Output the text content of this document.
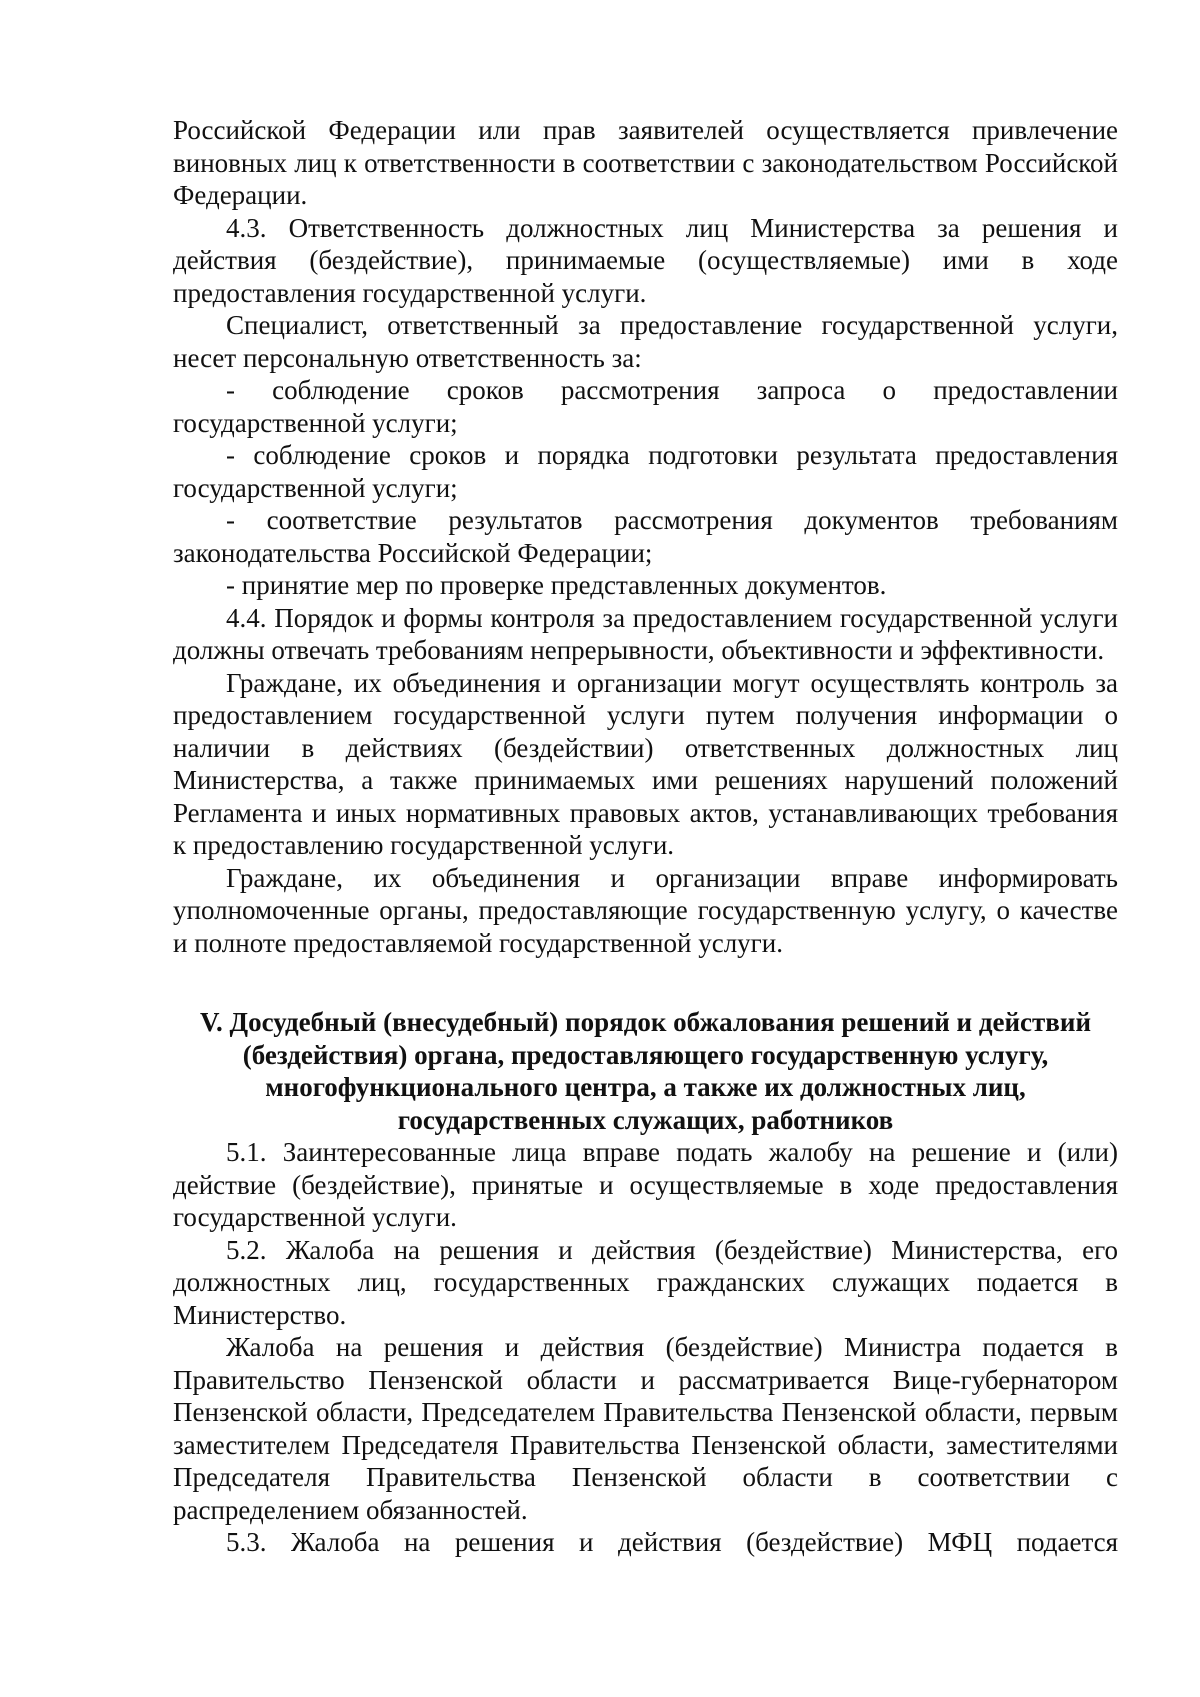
Российской Федерации или прав заявителей осуществляется привлечение виновных лиц к ответственности в соответствии с законодательством Российской Федерации.

4.3. Ответственность должностных лиц Министерства за решения и действия (бездействие), принимаемые (осуществляемые) ими в ходе предоставления государственной услуги.

Специалист, ответственный за предоставление государственной услуги, несет персональную ответственность за:

- соблюдение сроков рассмотрения запроса о предоставлении государственной услуги;

- соблюдение сроков и порядка подготовки результата предоставления государственной услуги;

- соответствие результатов рассмотрения документов требованиям законодательства Российской Федерации;

- принятие мер по проверке представленных документов.

4.4. Порядок и формы контроля за предоставлением государственной услуги должны отвечать требованиям непрерывности, объективности и эффективности.

Граждане, их объединения и организации могут осуществлять контроль за предоставлением государственной услуги путем получения информации о наличии в действиях (бездействии) ответственных должностных лиц Министерства, а также принимаемых ими решениях нарушений положений Регламента и иных нормативных правовых актов, устанавливающих требования к предоставлению государственной услуги.

Граждане, их объединения и организации вправе информировать уполномоченные органы, предоставляющие государственную услугу, о качестве и полноте предоставляемой государственной услуги.

V. Досудебный (внесудебный) порядок обжалования решений и действий
(бездействия) органа, предоставляющего государственную услугу,
многофункционального центра, а также их должностных лиц,
государственных служащих, работников

5.1. Заинтересованные лица вправе подать жалобу на решение и (или) действие (бездействие), принятые и осуществляемые в ходе предоставления государственной услуги.

5.2. Жалоба на решения и действия (бездействие) Министерства, его должностных лиц, государственных гражданских служащих подается в Министерство.

Жалоба на решения и действия (бездействие) Министра подается в Правительство Пензенской области и рассматривается Вице-губернатором Пензенской области, Председателем Правительства Пензенской области, первым заместителем Председателя Правительства Пензенской области, заместителями Председателя Правительства Пензенской области в соответствии с распределением обязанностей.

5.3. Жалоба на решения и действия (бездействие) МФЦ подается
